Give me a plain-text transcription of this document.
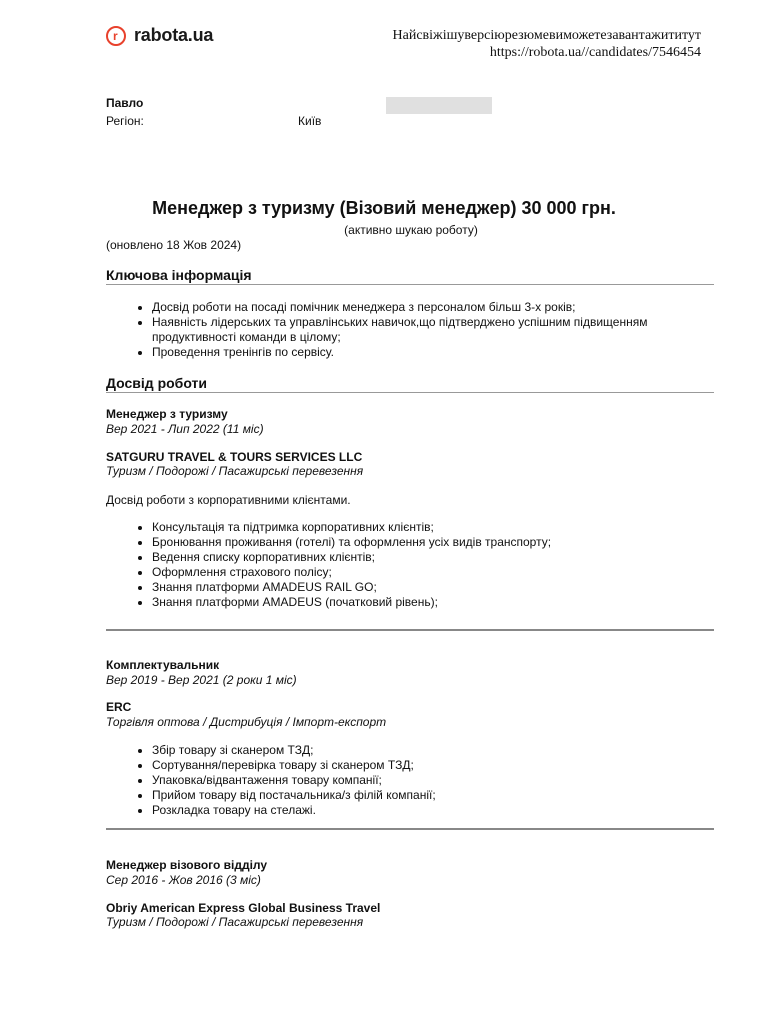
r rabota.ua	Найсвіжішуверсіюрезюмевиможетезавантажититут
https://robota.ua//candidates/7546454
Павло
Регіон:	Київ
Менеджер з туризму (Візовий менеджер) 30 000 грн.
(активно шукаю роботу)
(оновлено 18 Жов 2024)
Ключова інформація
• Досвід роботи на посаді помічник менеджера з персоналом більш 3-х років;
• Наявність лідерських та управлінських навичок,що підтверджено успішним підвищенням продуктивності команди в цілому;
• Проведення тренінгів по сервісу.
Досвід роботи
Менеджер з туризму
Вер 2021 - Лип 2022 (11 міс)
SATGURU TRAVEL & TOURS SERVICES LLC
Туризм / Подорожі / Пасажирські перевезення
Досвід роботи з корпоративними клієнтами.
• Консультація та підтримка корпоративних клієнтів;
• Бронювання проживання (готелі) та оформлення усіх видів транспорту;
• Ведення списку корпоративних клієнтів;
• Оформлення страхового полісу;
• Знання платформи AMADEUS RAIL GO;
• Знання платформи AMADEUS (початковий рівень);
Комплектувальник
Вер 2019 - Вер 2021 (2 роки 1 міс)
ERC
Торгівля оптова / Дистрибуція / Імпорт-експорт
• Збір товару зі сканером ТЗД;
• Сортування/перевірка товару зі сканером ТЗД;
• Упаковка/відвантаження товару компанії;
• Прийом товару від постачальника/з філій компанії;
• Розкладка товару на стелажі.
Менеджер візового відділу
Сер 2016 - Жов 2016 (3 міс)
Obriy American Express Global Business Travel
Туризм / Подорожі / Пасажирські перевезення
